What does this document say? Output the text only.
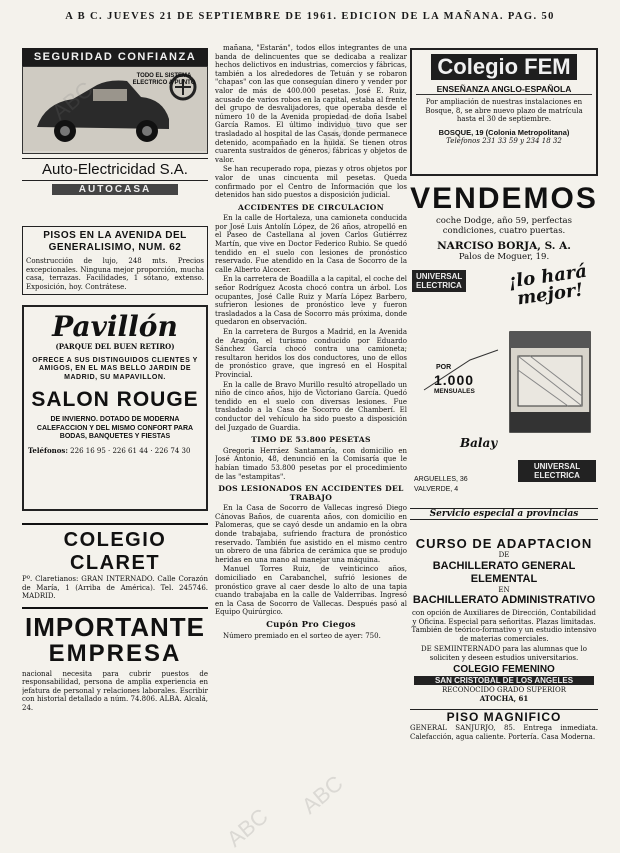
A B C. JUEVES 21 DE SEPTIEMBRE DE 1961. EDICION DE LA MAÑANA. PAG. 50
SEGURIDAD CONFIANZA
TODO EL SISTEMA ELECTRICO A PUNTO
Auto-Electricidad S.A.
AUTOCASA
PISOS EN LA AVENIDA DEL GENERALISIMO, NUM. 62
Construcción de lujo, 248 mts. Precios excepcionales. Ninguna mejor proporción, mucha casa, terrazas. Facilidades, 1 sótano, extenso. Exposición, hoy. Contrátese.
Pavillón
(PARQUE DEL BUEN RETIRO)
OFRECE A SUS DISTINGUIDOS CLIENTES Y AMIGOS, EN EL MAS BELLO JARDIN DE MADRID, SU MAPAVILLON.
SALON ROUGE
DE INVIERNO. DOTADO DE MODERNA CALEFACCION Y DEL MISMO CONFORT PARA BODAS, BANQUETES Y FIESTAS
Teléfonos: 226 16 95 · 226 61 44 · 226 74 30
COLEGIO CLARET
Pº. Claretianos: GRAN INTERNADO. Calle Corazón de María, 1 (Arriba de América). Tel. 245746. MADRID.
IMPORTANTE
EMPRESA
nacional necesita para cubrir puestos de responsabilidad, persona de amplia experiencia en jefatura de personal y relaciones laborales. Escribir con historial detallado a núm. 74.806. ALBA. Alcalá, 24.

mañana, "Estarán", todos ellos integrantes de una banda de delincuentes que se dedicaba a realizar hechos delictivos en industrias, comercios y fábricas, también a los alrededores de Tetuán y se robaron "chapas" con las que conseguían dinero y vender por valor de más de 400.000 pesetas. José E. Ruiz, acusado de varios robos en la capital, estaba al frente del grupo de desvalijadores, que operaba desde el número 10 de la Avenida propiedad de doña Isabel García Ramos. El último individuo tuvo que ser trasladado al hospital de las Casas, donde permanece detenido, acompañado en la huida. Se tienen otros cuarenta sustraídos de géneros, fábricas y objetos de valor.

Se han recuperado ropa, piezas y otros objetos por valor de unas cincuenta mil pesetas. Queda confirmado por el Centro de Información que los detenidos han sido puestos a disposición judicial.

ACCIDENTES DE CIRCULACION

En la calle de Hortaleza, una camioneta conducida por José Luis Antolín López, de 26 años, atropelló en el Paseo de Castellana al joven Carlos Gutiérrez Martín, que vive en Doctor Federico Rubio. Se quedó tendido en el suelo con lesiones de pronóstico reservado. Fue atendido en la Casa de Socorro de la calle Alberto Alcocer.

En la carretera de Boadilla a la capital, el coche del señor Rodríguez Acosta chocó contra un árbol. Los ocupantes, José Calle Ruiz y María López Barbero, sufrieron lesiones de pronóstico leve y fueron trasladados a la Casa de Socorro más próxima, donde quedaron en observación.

En la carretera de Burgos a Madrid, en la Avenida de Aragón, el turismo conducido por Eduardo Sánchez García chocó contra una camioneta; resultaron heridos los dos conductores, uno de ellos de pronóstico grave, que ingresó en el Hospital Provincial.

En la calle de Bravo Murillo resultó atropellado un niño de cinco años, hijo de Victoriano García. Quedó tendido en el suelo con diversas lesiones. Fue trasladado a la Casa de Socorro de Chamberí. El conductor del vehículo ha sido puesto a disposición del Juzgado de Guardia.

TIMO DE 53.800 PESETAS

Gregoria Herráez Santamaría, con domicilio en José Antonio, 48, denunció en la Comisaría que le habían timado 53.800 pesetas por el procedimiento de las "estampitas".

DOS LESIONADOS EN ACCIDENTES DEL TRABAJO

En la Casa de Socorro de Vallecas ingresó Diego Cánovas Baños, de cuarenta años, con domicilio en Palomeras, que se cayó desde un andamio en la obra donde trabajaba, sufriendo fractura de pronóstico reservado. También fue asistido en el mismo centro un obrero de una fábrica de cerámica que se produjo heridas en una mano al manejar una máquina.

Manuel Torres Ruiz, de veinticinco años, domiciliado en Carabanchel, sufrió lesiones de pronóstico grave al caer desde lo alto de una tapia cuando trabajaba en la calle de Valderribas. Ingresó en la Casa de Socorro de Vallecas. Después pasó al Equipo Quirúrgico.

Cupón Pro Ciegos

Número premiado en el sorteo de ayer: 750.

Colegio FEM
ENSEÑANZA ANGLO-ESPAÑOLA
Por ampliación de nuestras instalaciones en Bosque, 8, se abre nuevo plazo de matrícula hasta el 30 de septiembre.
BOSQUE, 19 (Colonia Metropolitana)
Teléfonos 231 33 59 y 234 18 32
VENDEMOS
coche Dodge, año 59, perfectas condiciones, cuatro puertas.
NARCISO BORJA, S. A.
Palos de Moguer, 19.
UNIVERSAL
ELECTRICA	¡lo hará mejor!
POR
1.000
MENSUALES
Balay
UNIVERSAL ELECTRICA
ARGUELLES, 36
VALVERDE, 4
Servicio especial a provincias
CURSO DE ADAPTACION
DE
BACHILLERATO GENERAL ELEMENTAL
EN
BACHILLERATO ADMINISTRATIVO
con opción de Auxiliares de Dirección, Contabilidad y Oficina. Especial para señoritas. Plazas limitadas. También de teórico-formativo y un estudio intensivo de materias comerciales.
DE SEMIINTERNADO para las alumnas que lo soliciten y deseen estudios universitarios.
COLEGIO FEMENINO
SAN CRISTOBAL DE LOS ANGELES
RECONOCIDO GRADO SUPERIOR
ATOCHA, 61
PISO MAGNIFICO
GENERAL SANJURJO, 85. Entrega inmediata. Calefacción, agua caliente. Portería. Casa Moderna.
ABC
ABC
ABC
ABC
